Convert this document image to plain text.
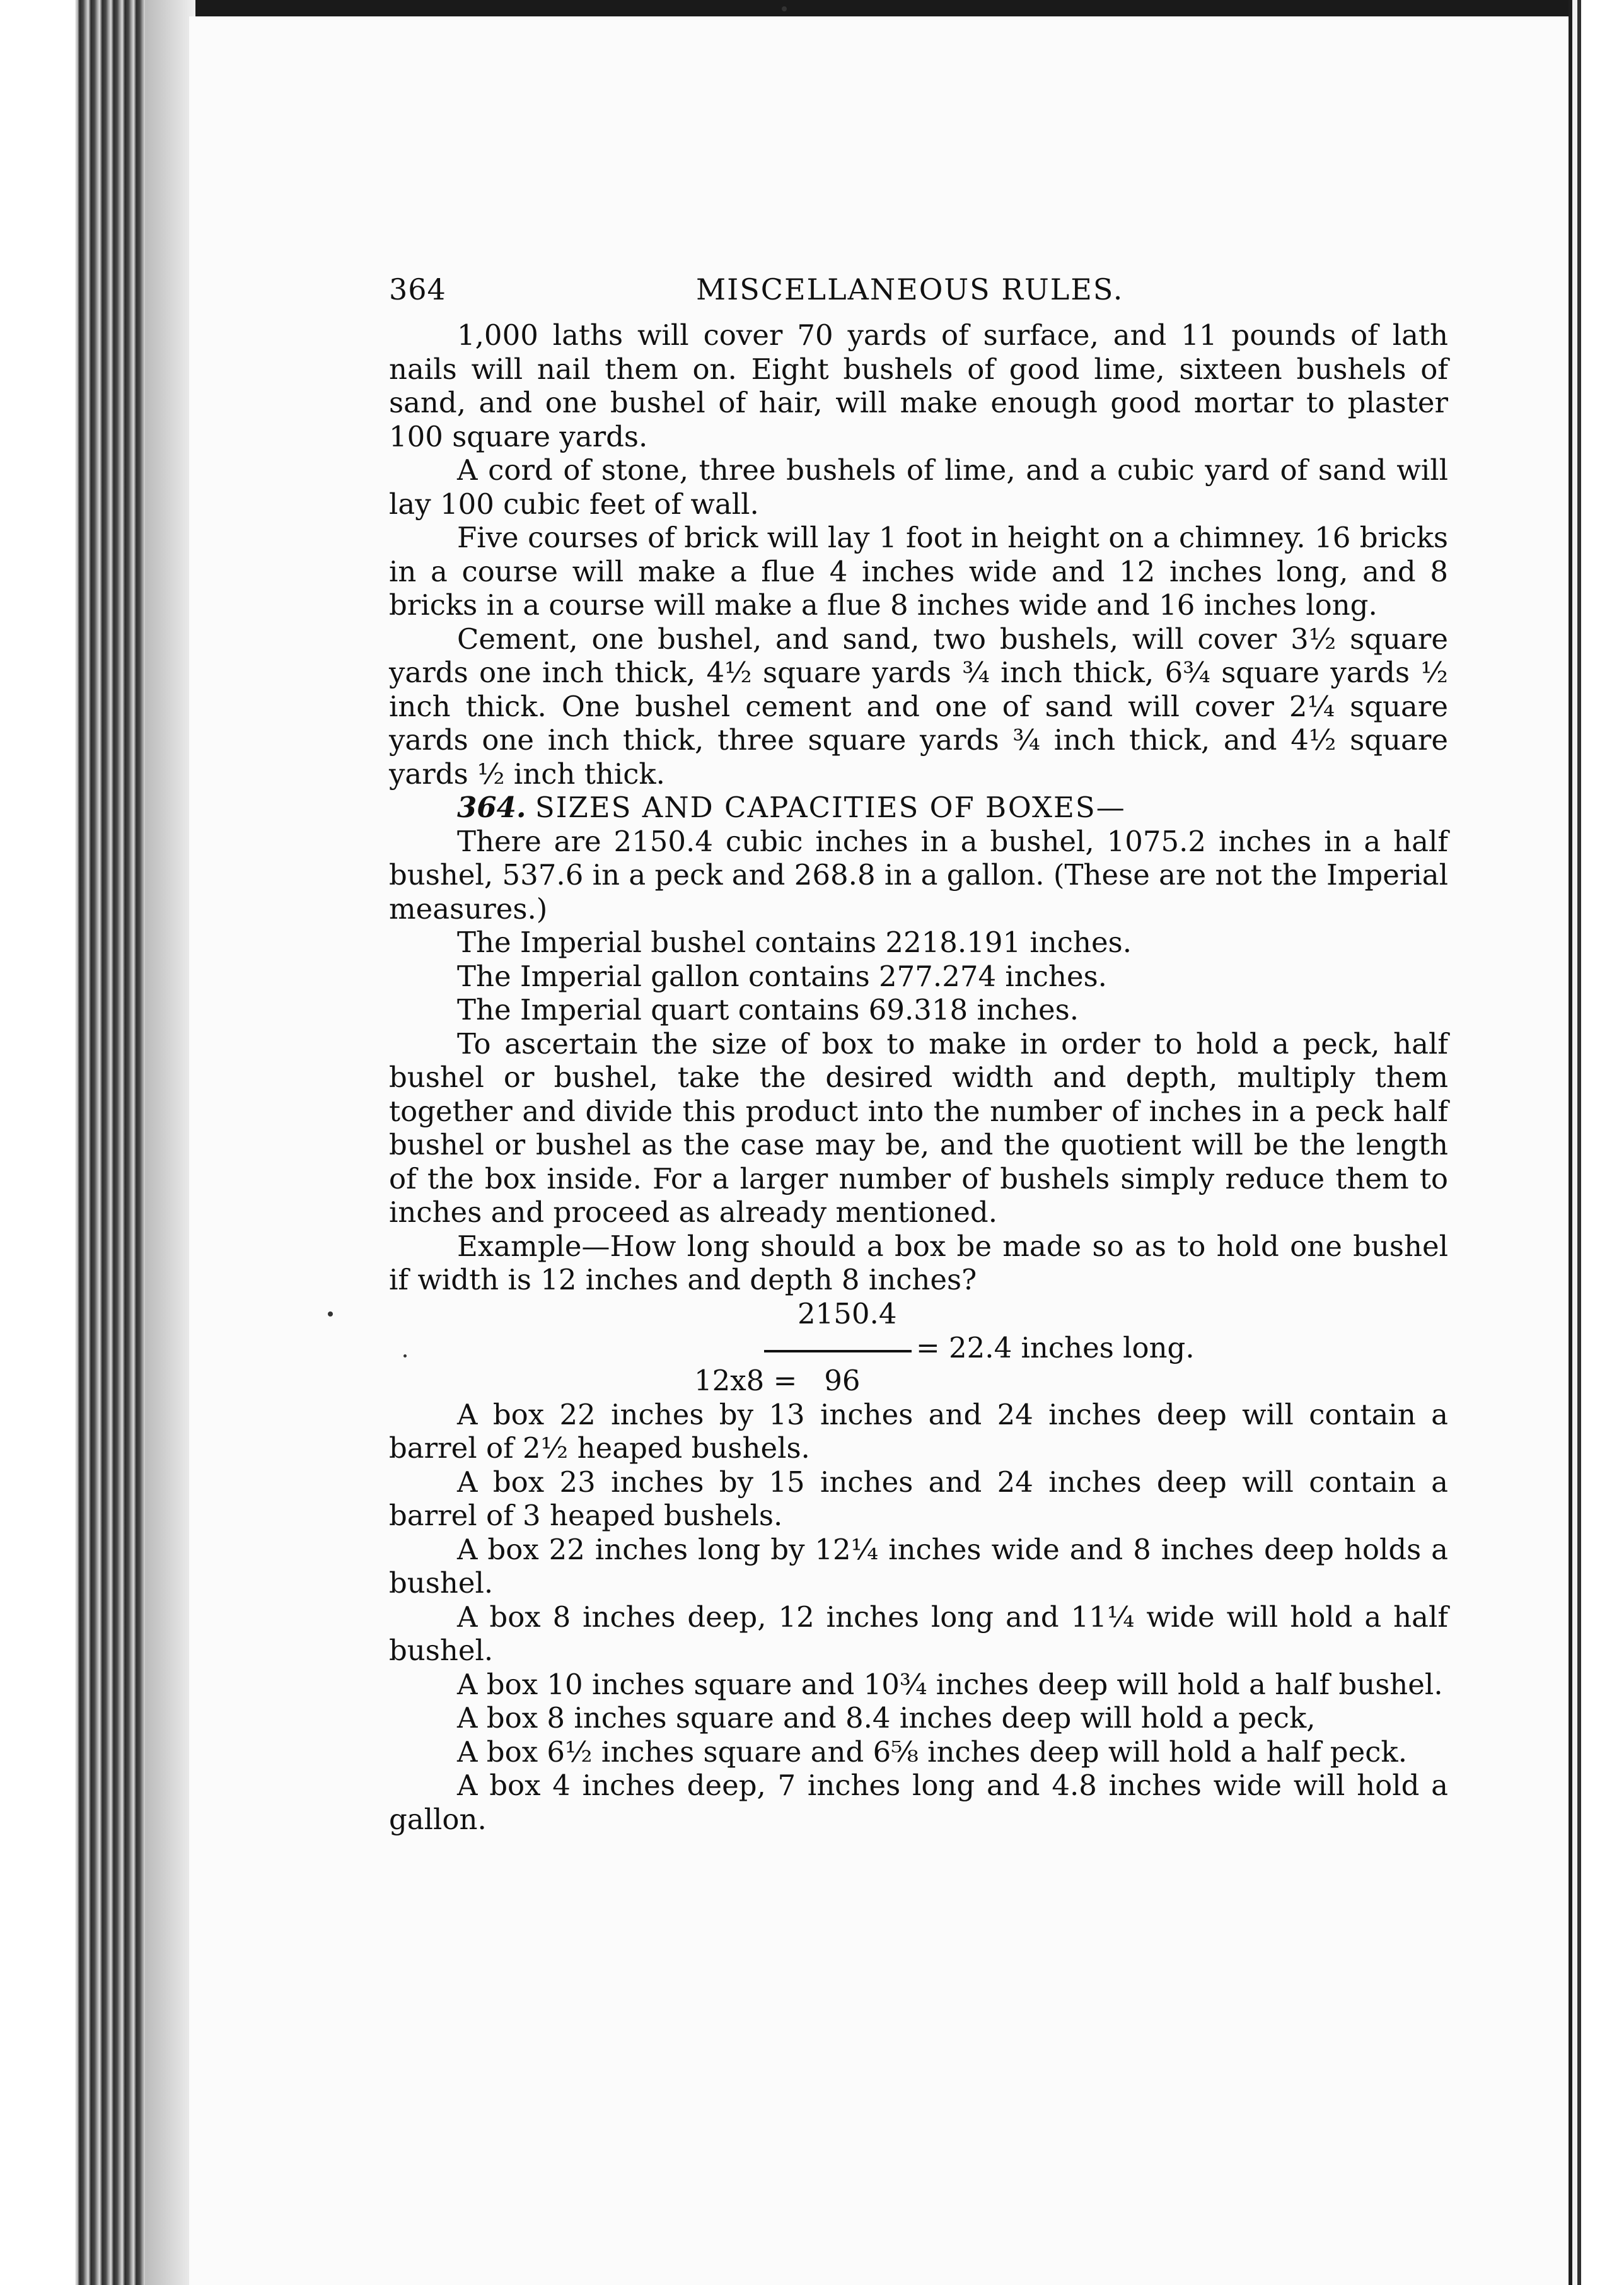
364	MISCELLANEOUS RULES.

1,000 laths will cover 70 yards of surface, and 11 pounds of lath nails will nail them on. Eight bushels of good lime, sixteen bushels of sand, and one bushel of hair, will make enough good mortar to plaster 100 square yards.

A cord of stone, three bushels of lime, and a cubic yard of sand will lay 100 cubic feet of wall.

Five courses of brick will lay 1 foot in height on a chimney. 16 bricks in a course will make a flue 4 inches wide and 12 inches long, and 8 bricks in a course will make a flue 8 inches wide and 16 inches long.

Cement, one bushel, and sand, two bushels, will cover 3½ square yards one inch thick, 4½ square yards ¾ inch thick, 6¾ square yards ½ inch thick. One bushel cement and one of sand will cover 2¼ square yards one inch thick, three square yards ¾ inch thick, and 4½ square yards ½ inch thick.

364. SIZES AND CAPACITIES OF BOXES—

There are 2150.4 cubic inches in a bushel, 1075.2 inches in a half bushel, 537.6 in a peck and 268.8 in a gallon. (These are not the Imperial measures.)

The Imperial bushel contains 2218.191 inches.

The Imperial gallon contains 277.274 inches.

The Imperial quart contains 69.318 inches.

To ascertain the size of box to make in order to hold a peck, half bushel or bushel, take the desired width and depth, multiply them together and divide this product into the number of inches in a peck half bushel or bushel as the case may be, and the quotient will be the length of the box inside. For a larger number of bushels simply reduce them to inches and proceed as already mentioned.

Example—How long should a box be made so as to hold one bushel if width is 12 inches and depth 8 inches?

2150.4
= 22.4 inches long.
12x8 =   96

A box 22 inches by 13 inches and 24 inches deep will contain a barrel of 2½ heaped bushels.

A box 23 inches by 15 inches and 24 inches deep will contain a barrel of 3 heaped bushels.

A box 22 inches long by 12¼ inches wide and 8 inches deep holds a bushel.

A box 8 inches deep, 12 inches long and 11¼ wide will hold a half bushel.

A box 10 inches square and 10¾ inches deep will hold a half bushel.

A box 8 inches square and 8.4 inches deep will hold a peck,

A box 6½ inches square and 6⅝ inches deep will hold a half peck.

A box 4 inches deep, 7 inches long and 4.8 inches wide will hold a gallon.
